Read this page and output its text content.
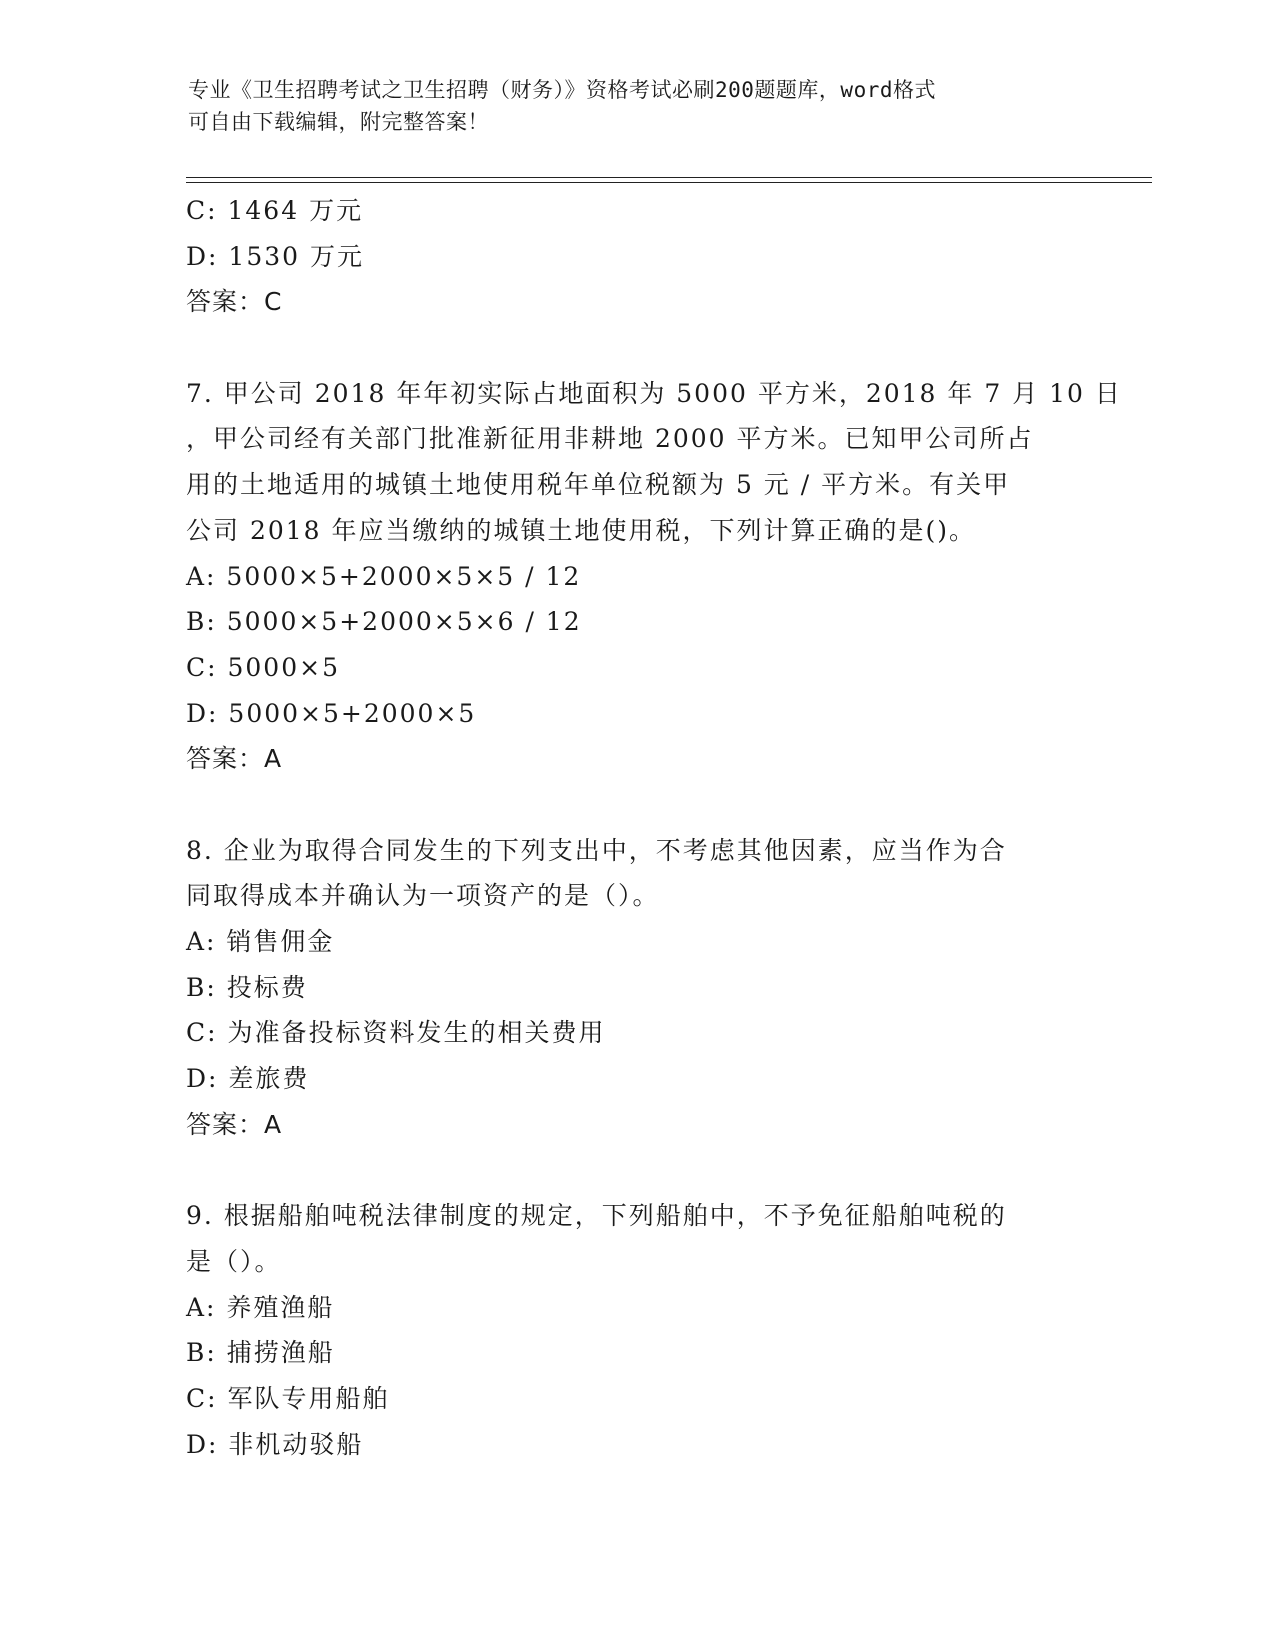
专业《卫生招聘考试之卫生招聘（财务）》资格考试必刷200题题库，word格式
可自由下载编辑，附完整答案！
C: 1464 万元
D: 1530 万元
答案：C
7. 甲公司 2018 年年初实际占地面积为 5000 平方米，2018 年 7 月 10 日
，甲公司经有关部门批准新征用非耕地 2000 平方米。已知甲公司所占
用的土地适用的城镇土地使用税年单位税额为 5 元 / 平方米。有关甲
公司 2018 年应当缴纳的城镇土地使用税，下列计算正确的是()。
A: 5000×5+2000×5×5 / 12
B: 5000×5+2000×5×6 / 12
C: 5000×5
D: 5000×5+2000×5
答案：A
8. 企业为取得合同发生的下列支出中，不考虑其他因素，应当作为合
同取得成本并确认为一项资产的是（）。
A: 销售佣金
B: 投标费
C: 为准备投标资料发生的相关费用
D: 差旅费
答案：A
9. 根据船舶吨税法律制度的规定，下列船舶中，不予免征船舶吨税的
是（）。
A: 养殖渔船
B: 捕捞渔船
C: 军队专用船舶
D: 非机动驳船
